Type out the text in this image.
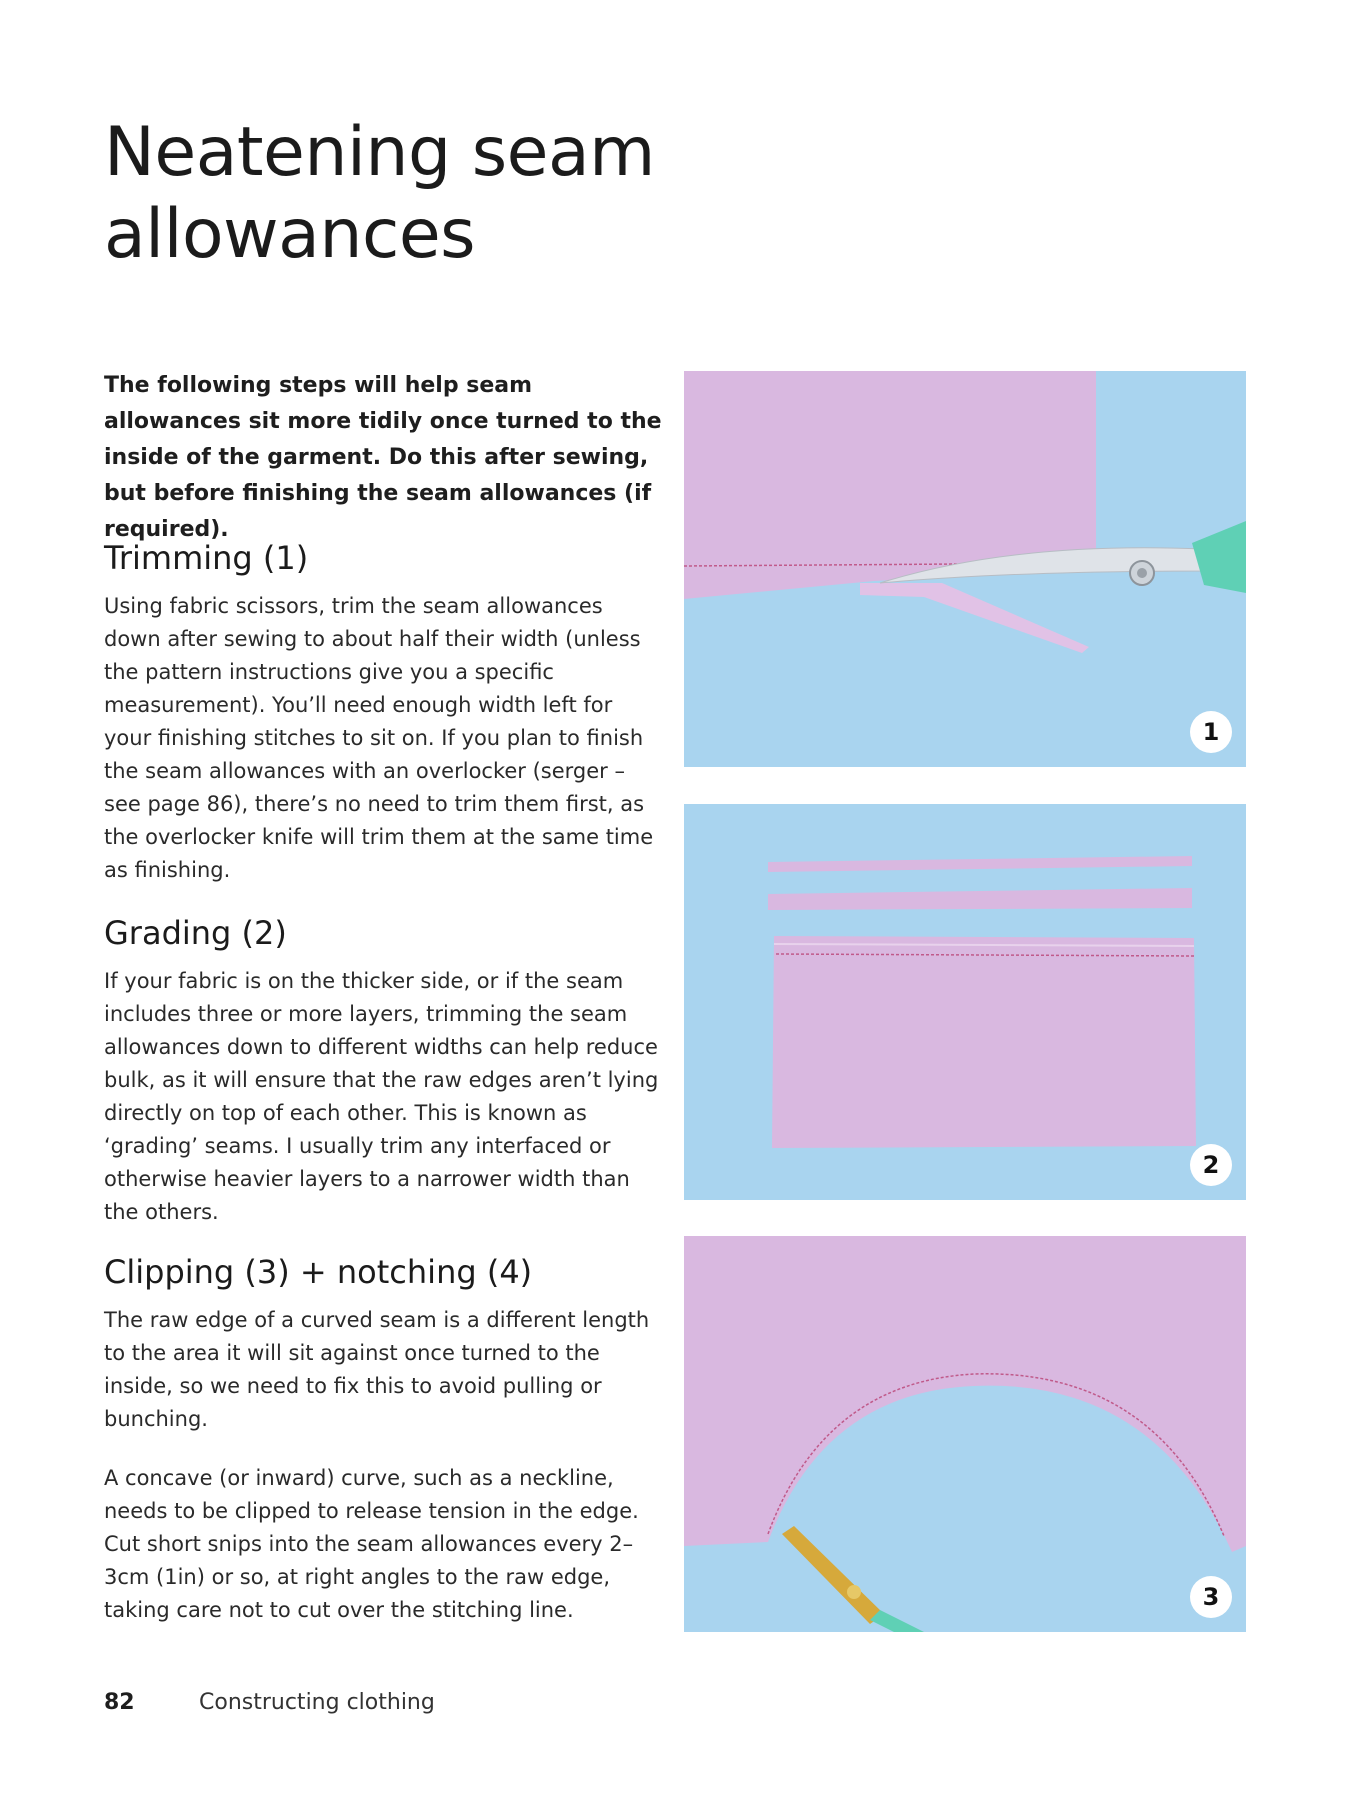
Neatening seam allowances

The following steps will help seam allowances sit more tidily once turned to the inside of the garment. Do this after sewing, but before finishing the seam allowances (if required).

Trimming (1)

Using fabric scissors, trim the seam allowances down after sewing to about half their width (unless the pattern instructions give you a specific measurement). You’ll need enough width left for your finishing stitches to sit on. If you plan to finish the seam allowances with an overlocker (serger – see page 86), there’s no need to trim them first, as the overlocker knife will trim them at the same time as finishing.

Grading (2)

If your fabric is on the thicker side, or if the seam includes three or more layers, trimming the seam allowances down to different widths can help reduce bulk, as it will ensure that the raw edges aren’t lying directly on top of each other. This is known as ‘grading’ seams. I usually trim any interfaced or otherwise heavier layers to a narrower width than the others.

Clipping (3) + notching (4)

The raw edge of a curved seam is a different length to the area it will sit against once turned to the inside, so we need to fix this to avoid pulling or bunching.

A concave (or inward) curve, such as a neckline, needs to be clipped to release tension in the edge. Cut short snips into the seam allowances every 2–3cm (1in) or so, at right angles to the raw edge, taking care not to cut over the stitching line.

1
2
3
82	Constructing clothing
